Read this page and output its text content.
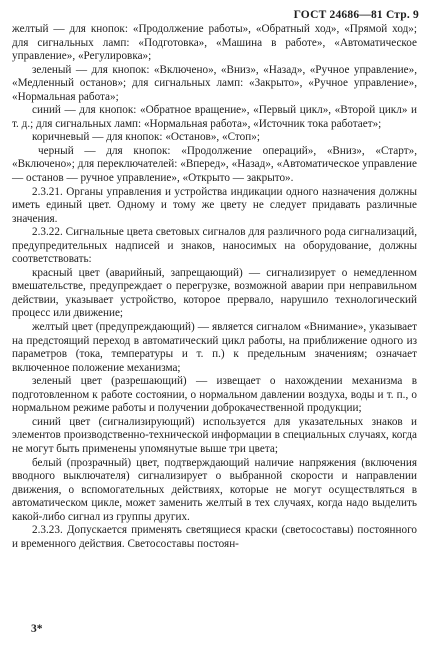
ГОСТ 24686—81 Стр. 9

желтый — для кнопок: «Продолжение работы», «Обратный ход», «Прямой ход»; для сигнальных ламп: «Подготовка», «Машина в работе», «Автоматическое управление», «Регулировка»;

зеленый — для кнопок: «Включено», «Вниз», «Назад», «Ручное управление», «Медленный останов»; для сигнальных ламп: «Закрыто», «Ручное управление», «Нормальная работа»;

синий — для кнопок: «Обратное вращение», «Первый цикл», «Второй цикл» и т. д.; для сигнальных ламп: «Нормальная работа», «Источник тока работает»;

коричневый — для кнопок: «Останов», «Стоп»;

черный — для кнопок: «Продолжение операций», «Вниз», «Старт», «Включено»; для переключателей: «Вперед», «Назад», «Автоматическое управление — останов — ручное управление», «Открыто — закрыто».

2.3.21. Органы управления и устройства индикации одного назначения должны иметь единый цвет. Одному и тому же цвету не следует придавать различные значения.

2.3.22. Сигнальные цвета световых сигналов для различного рода сигнализаций, предупредительных надписей и знаков, наносимых на оборудование, должны соответствовать:

красный цвет (аварийный, запрещающий) — сигнализирует о немедленном вмешательстве, предупреждает о перегрузке, возможной аварии при неправильном действии, указывает устройство, которое прервало, нарушило технологический процесс или движение;

желтый цвет (предупреждающий) — является сигналом «Внимание», указывает на предстоящий переход в автоматический цикл работы, на приближение одного из параметров (тока, температуры и т. п.) к предельным значениям; означает включенное положение механизма;

зеленый цвет (разрешающий) — извещает о нахождении механизма в подготовленном к работе состоянии, о нормальном давлении воздуха, воды и т. п., о нормальном режиме работы и получении доброкачественной продукции;

синий цвет (сигнализирующий) используется для указательных знаков и элементов производственно-технической информации в специальных случаях, когда не могут быть применены упомянутые выше три цвета;

белый (прозрачный) цвет, подтверждающий наличие напряжения (включения вводного выключателя) сигнализирует о выбранной скорости и направлении движения, о вспомогательных действиях, которые не могут осуществляться в автоматическом цикле, может заменить желтый в тех случаях, когда надо выделить какой-либо сигнал из группы других.

2.3.23. Допускается применять светящиеся краски (светосоставы) постоянного и временного действия. Светосоставы постоян-

3*
